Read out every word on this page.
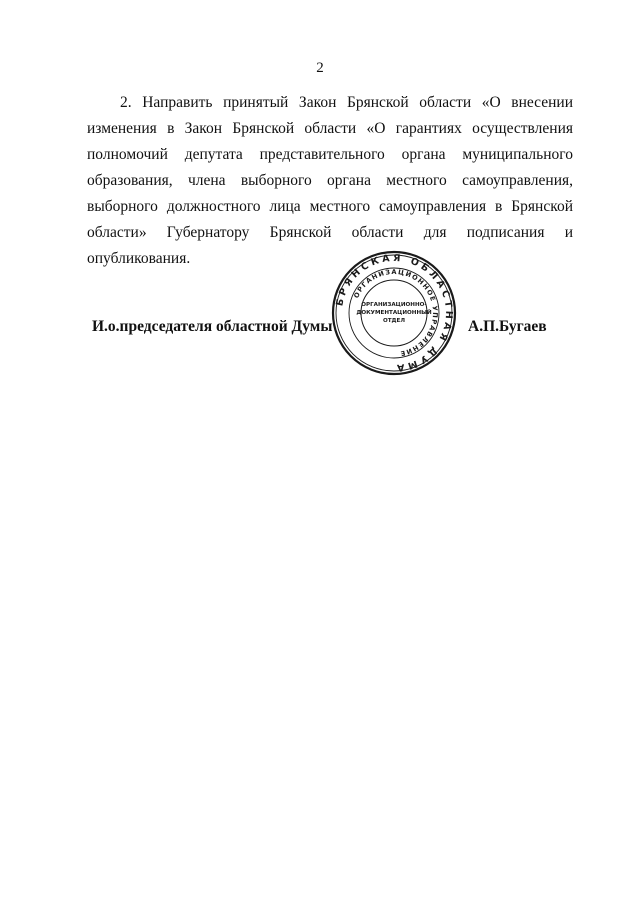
2

2. Направить принятый Закон Брянской области «О внесении изменения в Закон Брянской области «О гарантиях осуществления полномочий депутата представительного органа муниципального образования, члена выборного органа местного самоуправления, выборного должностного лица местного самоуправления в Брянской области» Губернатору Брянской области для подписания и опубликования.

И.о.председателя областной Думы
БРЯНСКАЯ ОБЛАСТНАЯ ДУМА
ОРГАНИЗАЦИОННОЕ УПРАВЛЕНИЕ
ОРГАНИЗАЦИОННО-
ДОКУМЕНТАЦИОННЫЙ
ОТДЕЛ	А.П.Бугаев
